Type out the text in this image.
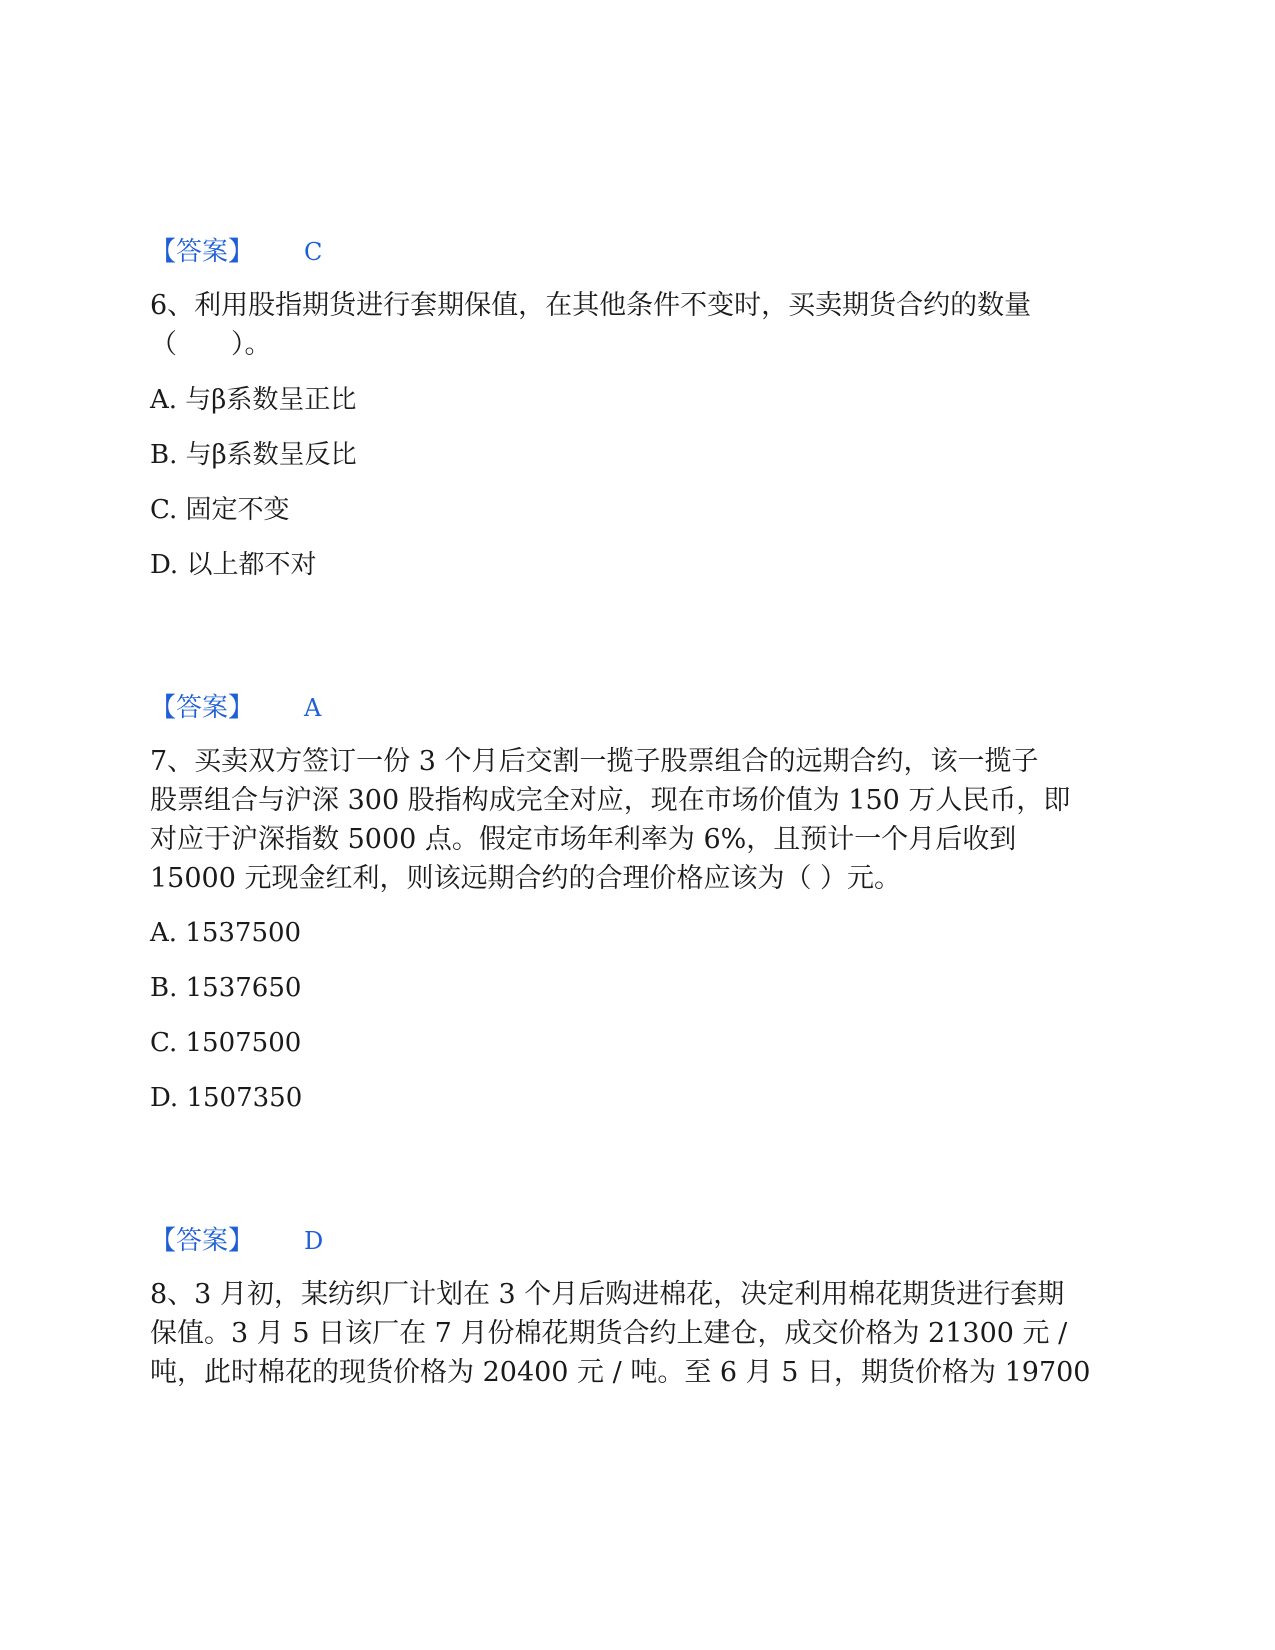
【答案】 C
6、利用股指期货进行套期保值，在其他条件不变时，买卖期货合约的数量
（　　）。
A. 与β系数呈正比
B. 与β系数呈反比
C. 固定不变
D. 以上都不对
【答案】 A
7、买卖双方签订一份 3 个月后交割一揽子股票组合的远期合约，该一揽子
股票组合与沪深 300 股指构成完全对应，现在市场价值为 150 万人民币，即
对应于沪深指数 5000 点。假定市场年利率为 6%，且预计一个月后收到
15000 元现金红利，则该远期合约的合理价格应该为（ ）元。
A. 1537500
B. 1537650
C. 1507500
D. 1507350
【答案】 D
8、3 月初，某纺织厂计划在 3 个月后购进棉花，决定利用棉花期货进行套期
保值。3 月 5 日该厂在 7 月份棉花期货合约上建仓，成交价格为 21300 元 /
吨，此时棉花的现货价格为 20400 元 / 吨。至 6 月 5 日，期货价格为 19700
